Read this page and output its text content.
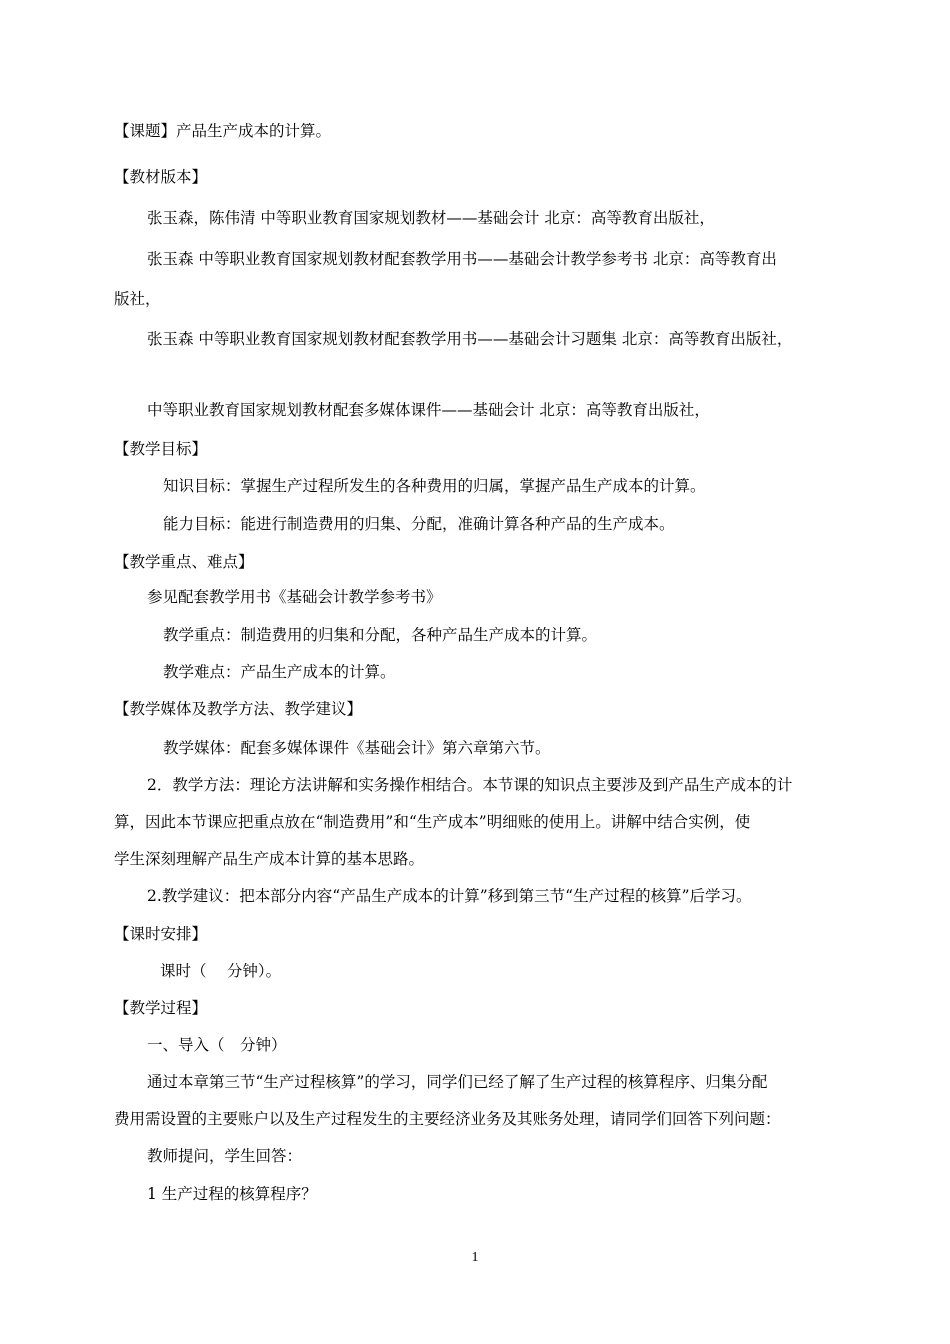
【课题】产品生产成本的计算。
【教材版本】
张玉森，陈伟清 中等职业教育国家规划教材——基础会计 北京：高等教育出版社，
张玉森 中等职业教育国家规划教材配套教学用书——基础会计教学参考书 北京：高等教育出
版社，
张玉森 中等职业教育国家规划教材配套教学用书——基础会计习题集 北京：高等教育出版社，
中等职业教育国家规划教材配套多媒体课件——基础会计 北京：高等教育出版社，
【教学目标】
知识目标：掌握生产过程所发生的各种费用的归属，掌握产品生产成本的计算。
能力目标：能进行制造费用的归集、分配，准确计算各种产品的生产成本。
【教学重点、难点】
参见配套教学用书《基础会计教学参考书》
教学重点：制造费用的归集和分配，各种产品生产成本的计算。
教学难点：产品生产成本的计算。
【教学媒体及教学方法、教学建议】
教学媒体：配套多媒体课件《基础会计》第六章第六节。
2．教学方法：理论方法讲解和实务操作相结合。本节课的知识点主要涉及到产品生产成本的计
算，因此本节课应把重点放在“制造费用”和“生产成本”明细账的使用上。讲解中结合实例，使
学生深刻理解产品生产成本计算的基本思路。
2.教学建议：把本部分内容“产品生产成本的计算”移到第三节“生产过程的核算”后学习。
【课时安排】
课时（　 分钟）。
【教学过程】
一、导入（　分钟）
通过本章第三节“生产过程核算”的学习，同学们已经了解了生产过程的核算程序、归集分配
费用需设置的主要账户以及生产过程发生的主要经济业务及其账务处理，请同学们回答下列问题：
教师提问，学生回答：
1 生产过程的核算程序？
1
